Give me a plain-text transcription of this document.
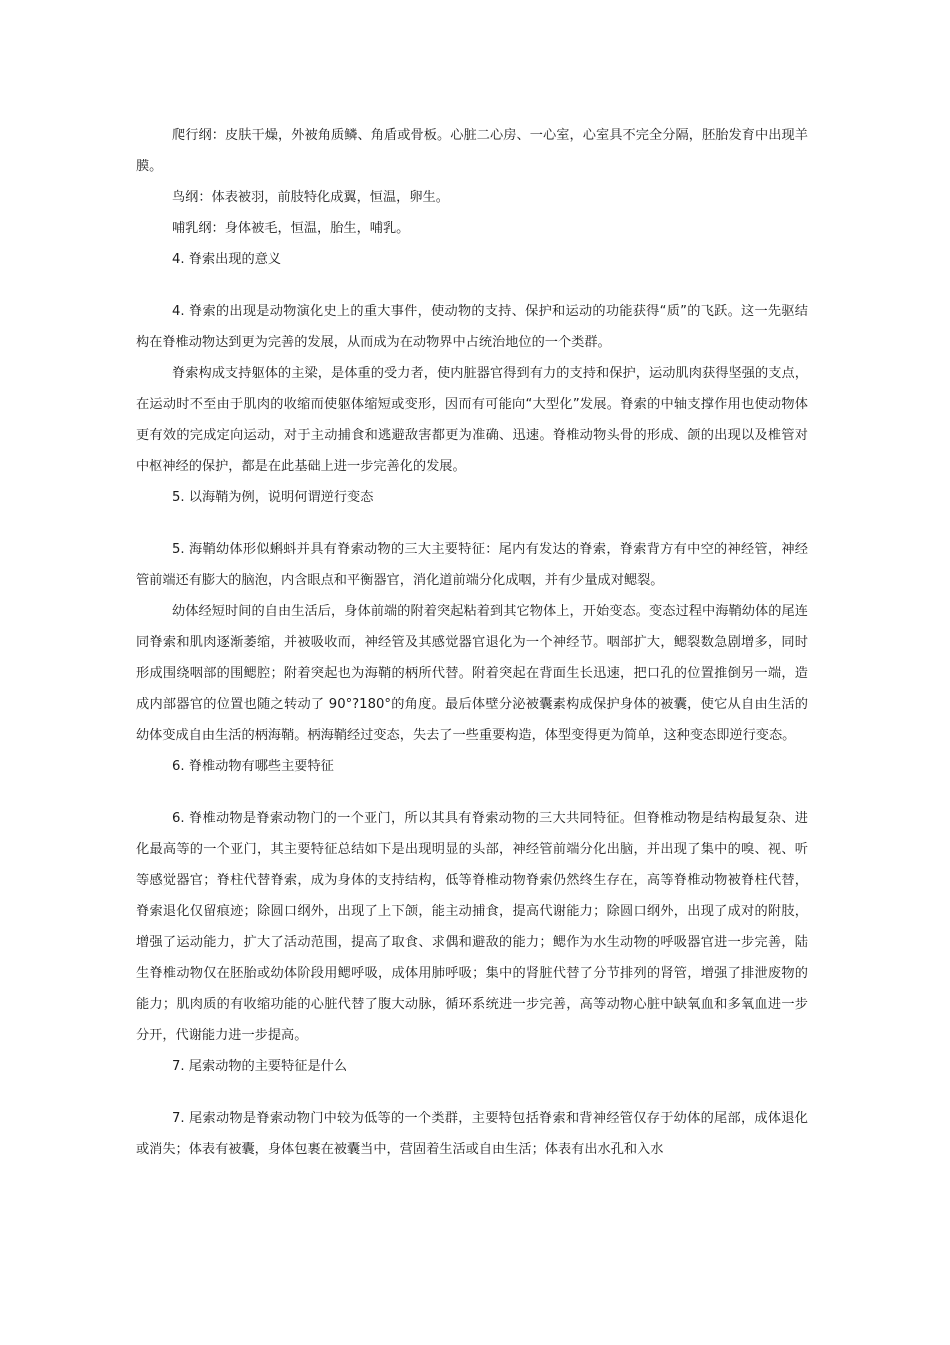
爬行纲：皮肤干燥，外被角质鳞、角盾或骨板。心脏二心房、一心室，心室具不完全分隔，胚胎发育中出现羊膜。

鸟纲：体表被羽，前肢特化成翼，恒温，卵生。

哺乳纲：身体被毛，恒温，胎生，哺乳。

4. 脊索出现的意义

4. 脊索的出现是动物演化史上的重大事件，使动物的支持、保护和运动的功能获得“质”的飞跃。这一先驱结构在脊椎动物达到更为完善的发展，从而成为在动物界中占统治地位的一个类群。

脊索构成支持躯体的主梁，是体重的受力者，使内脏器官得到有力的支持和保护，运动肌肉获得坚强的支点，在运动时不至由于肌肉的收缩而使躯体缩短或变形，因而有可能向“大型化”发展。脊索的中轴支撑作用也使动物体更有效的完成定向运动，对于主动捕食和逃避敌害都更为准确、迅速。脊椎动物头骨的形成、颌的出现以及椎管对中枢神经的保护，都是在此基础上进一步完善化的发展。

5. 以海鞘为例，说明何谓逆行变态

5. 海鞘幼体形似蝌蚪并具有脊索动物的三大主要特征：尾内有发达的脊索，脊索背方有中空的神经管，神经管前端还有膨大的脑泡，内含眼点和平衡器官，消化道前端分化成咽，并有少量成对鳃裂。

幼体经短时间的自由生活后，身体前端的附着突起粘着到其它物体上，开始变态。变态过程中海鞘幼体的尾连同脊索和肌肉逐渐萎缩，并被吸收而，神经管及其感觉器官退化为一个神经节。咽部扩大，鳃裂数急剧增多，同时形成围绕咽部的围鳃腔；附着突起也为海鞘的柄所代替。附着突起在背面生长迅速，把口孔的位置推倒另一端，造成内部器官的位置也随之转动了 90°?180°的角度。最后体壁分泌被囊素构成保护身体的被囊，使它从自由生活的幼体变成自由生活的柄海鞘。柄海鞘经过变态，失去了一些重要构造，体型变得更为简单，这种变态即逆行变态。

6. 脊椎动物有哪些主要特征

6. 脊椎动物是脊索动物门的一个亚门，所以其具有脊索动物的三大共同特征。但脊椎动物是结构最复杂、进化最高等的一个亚门，其主要特征总结如下是出现明显的头部，神经管前端分化出脑，并出现了集中的嗅、视、听等感觉器官；脊柱代替脊索，成为身体的支持结构，低等脊椎动物脊索仍然终生存在，高等脊椎动物被脊柱代替，脊索退化仅留痕迹；除圆口纲外，出现了上下颌，能主动捕食，提高代谢能力；除圆口纲外，出现了成对的附肢，增强了运动能力，扩大了活动范围，提高了取食、求偶和避敌的能力；鳃作为水生动物的呼吸器官进一步完善，陆生脊椎动物仅在胚胎或幼体阶段用鳃呼吸，成体用肺呼吸；集中的肾脏代替了分节排列的肾管，增强了排泄废物的能力；肌肉质的有收缩功能的心脏代替了腹大动脉，循环系统进一步完善，高等动物心脏中缺氧血和多氧血进一步分开，代谢能力进一步提高。

7. 尾索动物的主要特征是什么

7. 尾索动物是脊索动物门中较为低等的一个类群，主要特包括脊索和背神经管仅存于幼体的尾部，成体退化或消失；体表有被囊，身体包裹在被囊当中，营固着生活或自由生活；体表有出水孔和入水
